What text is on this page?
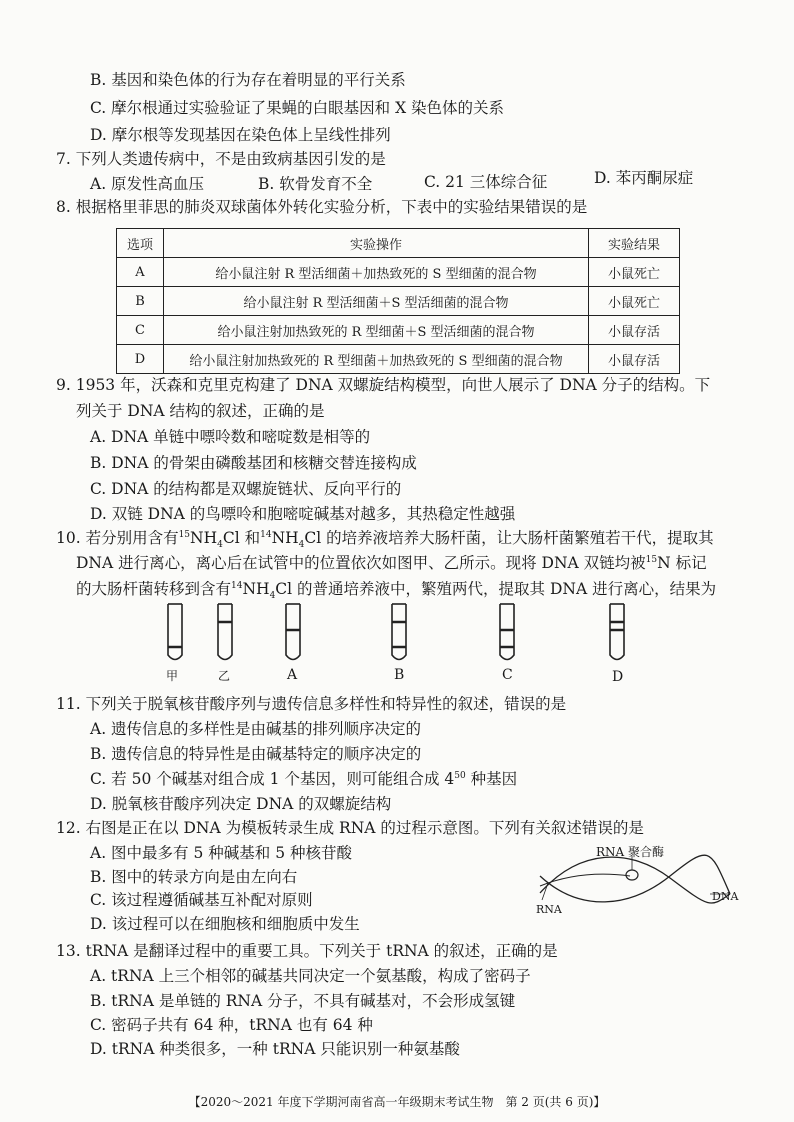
B. 基因和染色体的行为存在着明显的平行关系
C. 摩尔根通过实验验证了果蝇的白眼基因和 X 染色体的关系
D. 摩尔根等发现基因在染色体上呈线性排列
7. 下列人类遗传病中，不是由致病基因引发的是
A. 原发性高血压	B. 软骨发育不全	C. 21 三体综合征	D. 苯丙酮尿症
8. 根据格里菲思的肺炎双球菌体外转化实验分析，下表中的实验结果错误的是
选项	实验操作	实验结果
A	给小鼠注射 R 型活细菌＋加热致死的 S 型细菌的混合物	小鼠死亡
B	给小鼠注射 R 型活细菌＋S 型活细菌的混合物	小鼠死亡
C	给小鼠注射加热致死的 R 型细菌＋S 型活细菌的混合物	小鼠存活
D	给小鼠注射加热致死的 R 型细菌＋加热致死的 S 型细菌的混合物	小鼠存活
9. 1953 年，沃森和克里克构建了 DNA 双螺旋结构模型，向世人展示了 DNA 分子的结构。下
列关于 DNA 结构的叙述，正确的是
A. DNA 单链中嘌呤数和嘧啶数是相等的
B. DNA 的骨架由磷酸基团和核糖交替连接构成
C. DNA 的结构都是双螺旋链状、反向平行的
D. 双链 DNA 的鸟嘌呤和胞嘧啶碱基对越多，其热稳定性越强
10. 若分别用含有$^{15}NH_4Cl$ 和$^{14}NH_4Cl$ 的培养液培养大肠杆菌，让大肠杆菌繁殖若干代，提取其
DNA 进行离心，离心后在试管中的位置依次如图甲、乙所示。现将 DNA 双链均被$^{15}$N 标记
的大肠杆菌转移到含有$^{14}NH_4Cl$ 的普通培养液中，繁殖两代，提取其 DNA 进行离心，结果为
甲	乙	A	B	C	D
11. 下列关于脱氧核苷酸序列与遗传信息多样性和特异性的叙述，错误的是
A. 遗传信息的多样性是由碱基的排列顺序决定的
B. 遗传信息的特异性是由碱基特定的顺序决定的
C. 若 50 个碱基对组合成 1 个基因，则可能组合成 $4^{50}$ 种基因
D. 脱氧核苷酸序列决定 DNA 的双螺旋结构
12. 右图是正在以 DNA 为模板转录生成 RNA 的过程示意图。下列有关叙述错误的是
A. 图中最多有 5 种碱基和 5 种核苷酸
B. 图中的转录方向是由左向右
C. 该过程遵循碱基互补配对原则
D. 该过程可以在细胞核和细胞质中发生
RNA 聚合酶
RNA
DNA
13. tRNA 是翻译过程中的重要工具。下列关于 tRNA 的叙述，正确的是
A. tRNA 上三个相邻的碱基共同决定一个氨基酸，构成了密码子
B. tRNA 是单链的 RNA 分子，不具有碱基对，不会形成氢键
C. 密码子共有 64 种，tRNA 也有 64 种
D. tRNA 种类很多，一种 tRNA 只能识别一种氨基酸
【2020～2021 年度下学期河南省高一年级期末考试生物　第 2 页(共 6 页)】
